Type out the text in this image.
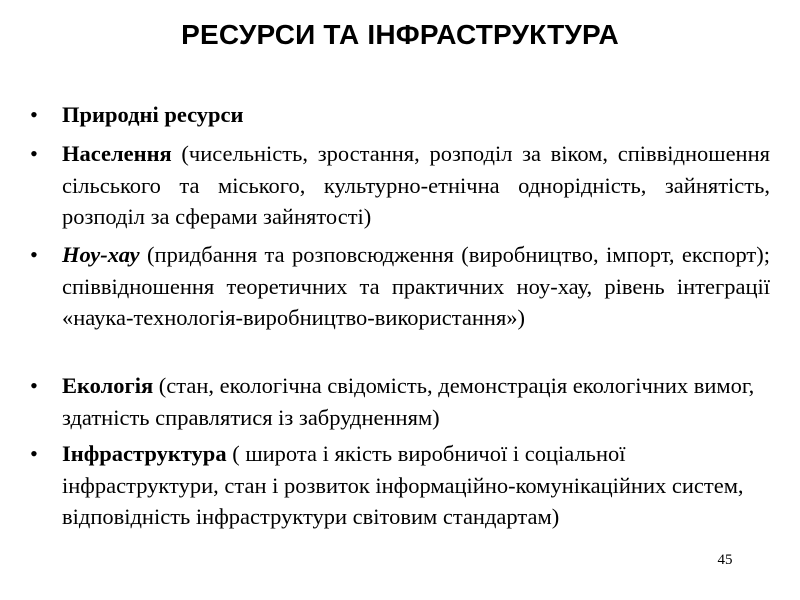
РЕСУРСИ ТА ІНФРАСТРУКТУРА
• Природні ресурси
• Населення (чисельність, зростання, розподіл за віком, співвідношення сільського та міського, культурно-етнічна однорідність, зайнятість, розподіл за сферами зайнятості)
• Ноу-хау (придбання та розповсюдження (виробництво, імпорт, експорт); співвідношення теоретичних та практичних ноу-хау, рівень інтеграції «наука-технологія-виробництво-використання»)
• Екологія (стан, екологічна свідомість, демонстрація екологічних вимог, здатність справлятися із забрудненням)
• Інфраструктура ( широта і якість виробничої і соціальної інфраструктури, стан і розвиток інформаційно-комунікаційних систем, відповідність інфраструктури світовим стандартам)
45
